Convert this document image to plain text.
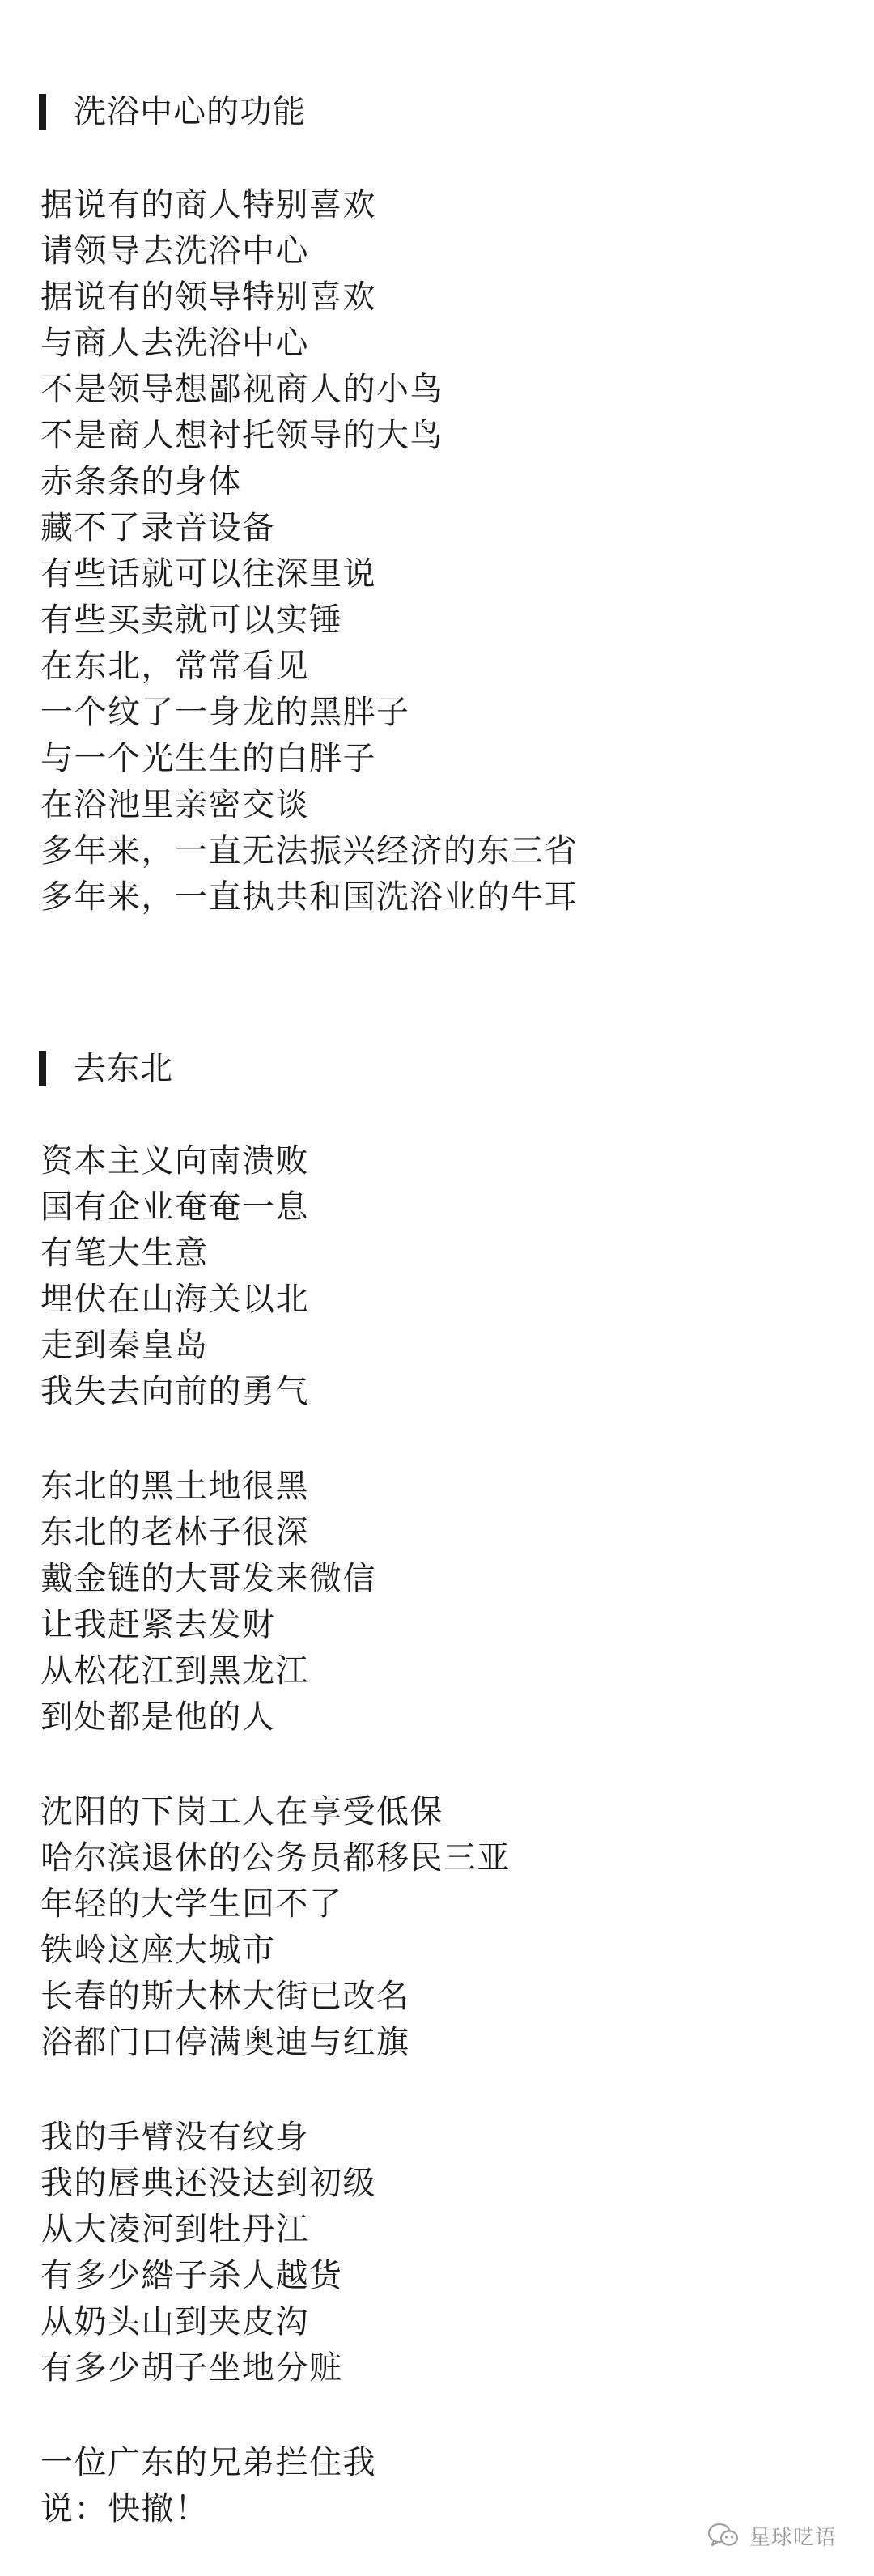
洗浴中心的功能
据说有的商人特别喜欢
请领导去洗浴中心
据说有的领导特别喜欢
与商人去洗浴中心
不是领导想鄙视商人的小鸟
不是商人想衬托领导的大鸟
赤条条的身体
藏不了录音设备
有些话就可以往深里说
有些买卖就可以实锤
在东北，常常看见
一个纹了一身龙的黑胖子
与一个光生生的白胖子
在浴池里亲密交谈
多年来，一直无法振兴经济的东三省
多年来，一直执共和国洗浴业的牛耳
去东北
资本主义向南溃败
国有企业奄奄一息
有笔大生意
埋伏在山海关以北
走到秦皇岛
我失去向前的勇气
东北的黑土地很黑
东北的老林子很深
戴金链的大哥发来微信
让我赶紧去发财
从松花江到黑龙江
到处都是他的人
沈阳的下岗工人在享受低保
哈尔滨退休的公务员都移民三亚
年轻的大学生回不了
铁岭这座大城市
长春的斯大林大街已改名
浴都门口停满奥迪与红旗
我的手臂没有纹身
我的唇典还没达到初级
从大凌河到牡丹江
有多少綹子杀人越货
从奶头山到夹皮沟
有多少胡子坐地分赃
一位广东的兄弟拦住我
说：快撤！
星球呓语
